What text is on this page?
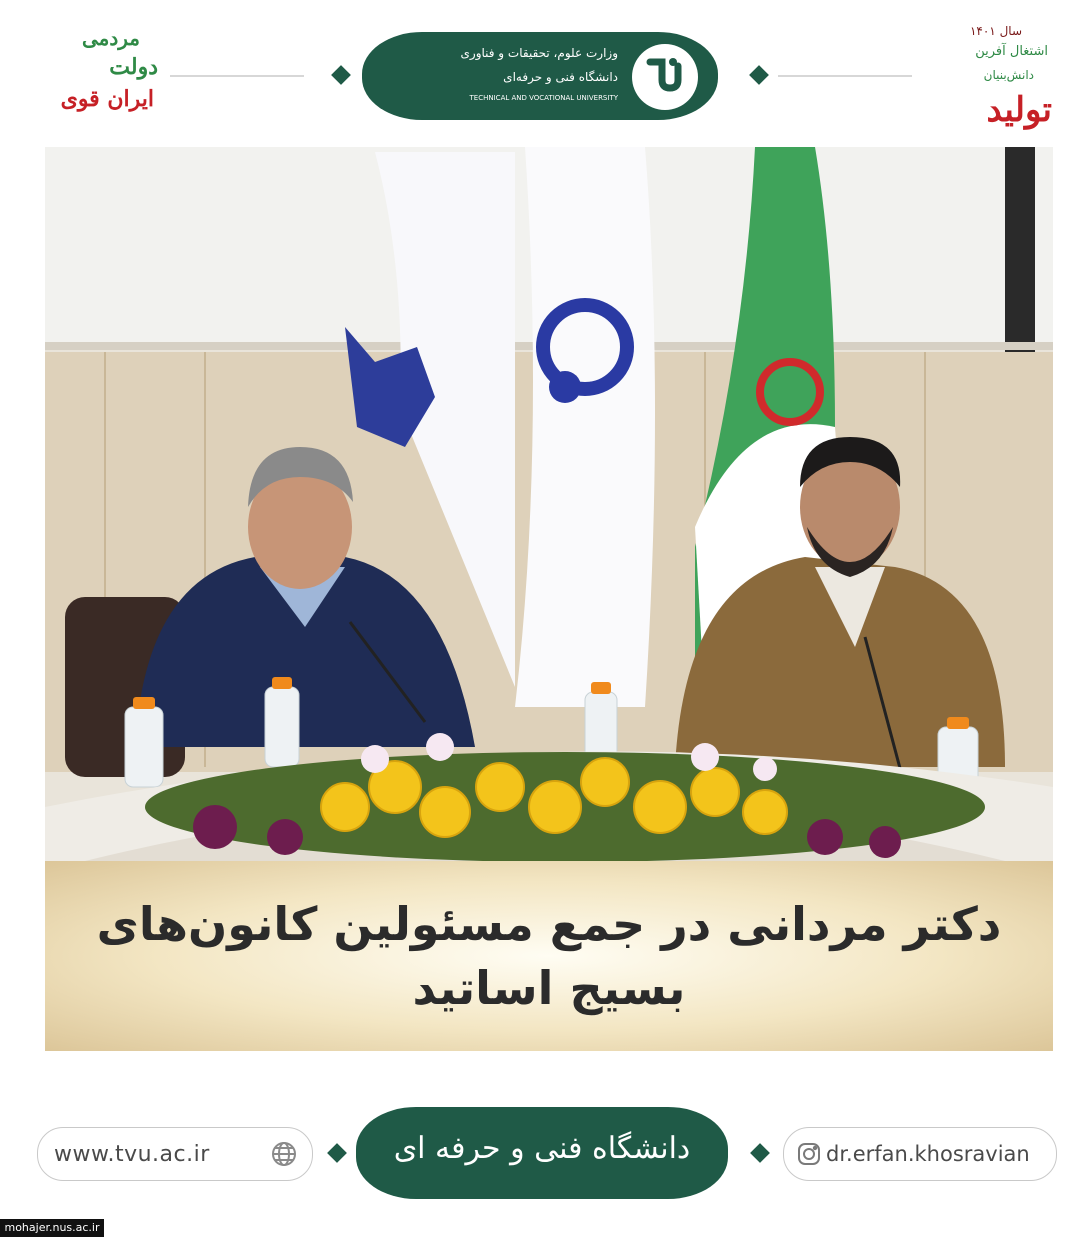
وزارت علوم، تحقیقات و فناوری
دانشگاه فنی و حرفه‌ای
TECHNICAL AND VOCATIONAL UNIVERSITY
مردمی
دولت
ایران قوی
سال ۱۴۰۱
اشتغال آفرین
دانش‌بنیان
تولید
دکتر مردانی در جمع مسئولین کانون‌های
بسیج اساتید
www.tvu.ac.ir	دانشگاه فنی و حرفه ای	dr.erfan.khosravian
mohajer.nus.ac.ir
